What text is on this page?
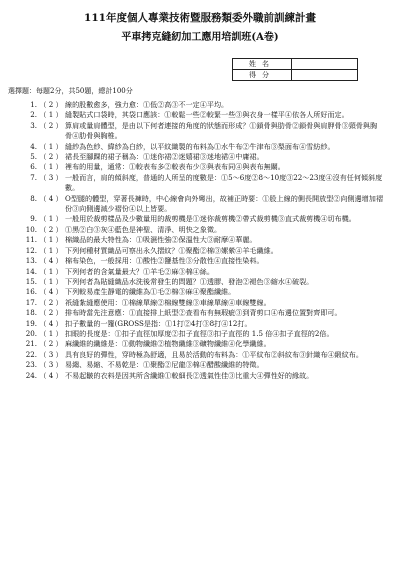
111年度個人專業技術暨服務類委外職前訓練計畫
平車拷克縫紉加工應用培訓班(A卷)
姓名	
得分	
選擇題：每題2分，共50題，總計100分
1. （ 2 ） 線的股數愈多，強力愈：①低②高③不一定④平均。
2. （ 1 ） 縫製貼式口袋時，其袋口應該：①較鬆一些②較緊一些③與衣身一樣平④依各人所好而定。
3. （ 2 ） 算肩或量肩體型，是由以下何者連接的角度的狀態而形成？①鎖骨與肋骨②鎖骨與肩胛骨③頸骨與胸骨④肋骨與胸椎。
4. （ 1 ） 縫紗為色紗、緯紗為白紗，以平紋織製的布料為①水牛布②牛津布③梨面布④雪紡紗。
5. （ 2 ） 裙長至腳踝的裙子稱為：①迷你裙②迷嬉裙③迷地裙④中庸裙。
6. （ 1 ） 裡布的用量，通常：①較表布多②較表布少③與表布同④與表布無關。
7. （ 3 ） 一般而言，肩的傾斜度，普通的人所呈的度數是：①5～6度②8～10度③22～23度④沒有任何傾斜度數。
8. （ 4 ） O型腿的體型，穿著長褲時，中心線會向外彎出，故補正時要：①股上線的側長開放型②向側邊增加褶份③向側邊減少褶份④以上皆要。
9. （ 1 ） 一般用於裁剪樣品及少數量用的裁剪機是①迷你裁剪機②帶式裁剪機③直式裁剪機④切布機。
10. （ 2 ） ①黑②白③灰④藍色是神聖、清淨、明快之象徵。
11. （ 1 ） 棉織品的最大特性為：①吸濕性強②保溫性大③耐摩④華麗。
12. （ 1 ） 下列何種材質織品可察出永久摺紋？①聚酯②棉③嫘縈④羊毛纖維。
13. （ 4 ） 棉布染色，一般採用：①酸性②鹽基性③分散性④直接性染料。
14. （ 1 ） 下列何者的含氣量最大？①羊毛②麻③棉④絲。
15. （ 1 ） 下列何者為貼縫織品水洗後常發生的問題？①透膠、發泡②褪色③縮水④破裂。
16. （ 4 ） 下列較易產生靜電的纖維為①毛②棉③麻④聚酯纖維。
17. （ 2 ） 祇縫紮縫應使用：①棉線單線②棉線雙線③車線單線④車線雙線。
18. （ 2 ） 排布時當先注意應：①直接排上紙型②查看布有無瑕疵③到背剪口④布邊位置對齊即可。
19. （ 4 ） 扣子數量的一籮(GROSS是指：①1打②4打③8打④12打。
20. （ 1 ） 扣眼的長度是：①扣子直徑加厚度②扣子直徑③扣子直徑的 1.5 倍④扣子直徑的2倍。
21. （ 2 ） 麻纖維的纖維是：①動物纖維②植物纖維③礦物纖維④化學纖維。
22. （ 3 ） 具有良好的彈性，穿時極為舒適，且易於活動的布料為：①平紋布②斜紋布③針織布④緞紋布。
23. （ 3 ） 易縐、易縮、不易乾是：①聚酯②尼龍③棉④醋酸纖維的特徵。
24. （ 4 ） 不易起皺的衣料是因其所含纖維①較細長②透氣性佳③比重大④彈性好的緣故。
